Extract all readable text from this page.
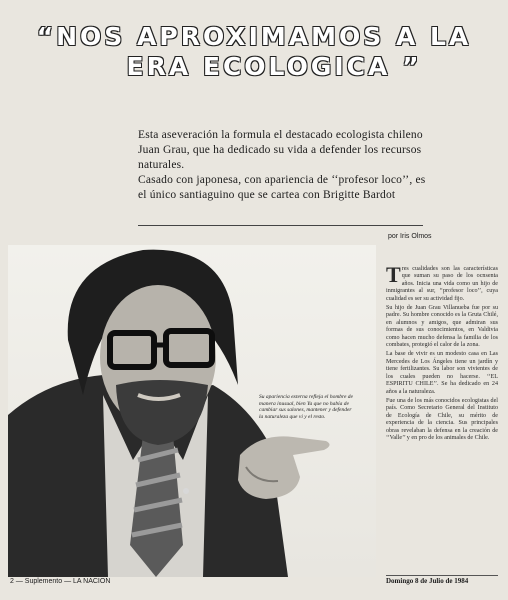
“NOS APROXIMAMOS A LA
ERA ECOLOGICA ”

Esta aseveración la formula el destacado ecologista chileno Juan Grau, que ha dedicado su vida a defender los recursos naturales.

Casado con japonesa, con apariencia de ‘‘profesor loco’’, es el único santiaguino que se cartea con Brigitte Bardot

por Iris Olmos
Su apariencia externa refleja el hombre de manera inusual, bien Ya que no había de cambiar sus salones, mantener y defender la naturaleza que vi y el resto.

T res cualidades son las características que suman su paso de los ocnsenta años. Inicia una vida como un hijo de inmigrantes al sur, ‘‘profesor loco’’, cuya cualidad es ser su actividad fijo.

Su hijo de Juan Grau Villanueba fue por su padre. Su hombre conocido es la Gruta Chilé, en alumnos y amigos, que admiran sus formas de sus conocimientos, en Valdivia como hacen mucho defensa la familia de los combates, protegió el calor de la zona.

La base de vivir es un modesto casa en Las Mercedes de Los Ángeles tiene un jardín y tiene fertilizantes. Su labor son vivientes de los cuales pueden no hacerse. ‘‘EL ESPIRITU CHILE’’. Se ha dedicado en 24 años a la naturaleza.

Fue una de los más conocidos ecologistas del país. Como Secretario General del Instituto de Ecología de Chile, su mérito de experiencia de la ciencia. Sus principales obras revelaban la defensa en la creación de ‘‘Valle’’ y en pro de los animales de Chile.

2 — Suplemento — LA NACION	Domingo 8 de Julio de 1984
